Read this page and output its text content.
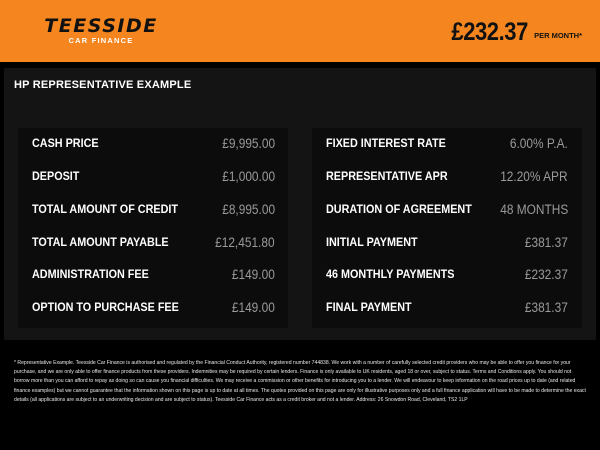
TEESSIDE
CAR FINANCE	£232.37 PER MONTH*
HP REPRESENTATIVE EXAMPLE
CASH PRICE	£9,995.00
DEPOSIT	£1,000.00
TOTAL AMOUNT OF CREDIT	£8,995.00
TOTAL AMOUNT PAYABLE	£12,451.80
ADMINISTRATION FEE	£149.00
OPTION TO PURCHASE FEE	£149.00
FIXED INTEREST RATE	6.00% P.A.
REPRESENTATIVE APR	12.20% APR
DURATION OF AGREEMENT 48 MONTHS
INITIAL PAYMENT	£381.37
46 MONTHLY PAYMENTS	£232.37
FINAL PAYMENT	£381.37
* Representative Example. Teesside Car Finance is authorised and regulated by the Financial Conduct Authority, registered number 744838. We work with a number of carefully selected credit providers who may be able to offer you finance for your purchase, and we are only able to offer finance products from these providers. Indemnities may be required by certain lenders. Finance is only available to UK residents, aged 18 or over, subject to status. Terms and Conditions apply. You should not borrow more than you can afford to repay as doing so can cause you financial difficulties. We may receive a commission or other benefits for introducing you to a lender. We will endeavour to keep information on the road prices up to date (and related finance examples) but we cannot guarantee that the information shown on this page is up to date at all times. The quotes provided on this page are only for illustrative purposes only and a full finance application will have to be made to determine the exact details (all applications are subject to an underwriting decision and are subject to status). Teesside Car Finance acts as a credit broker and not a lender. Address: 26 Snowdon Road, Cleveland, TS2 1LP
